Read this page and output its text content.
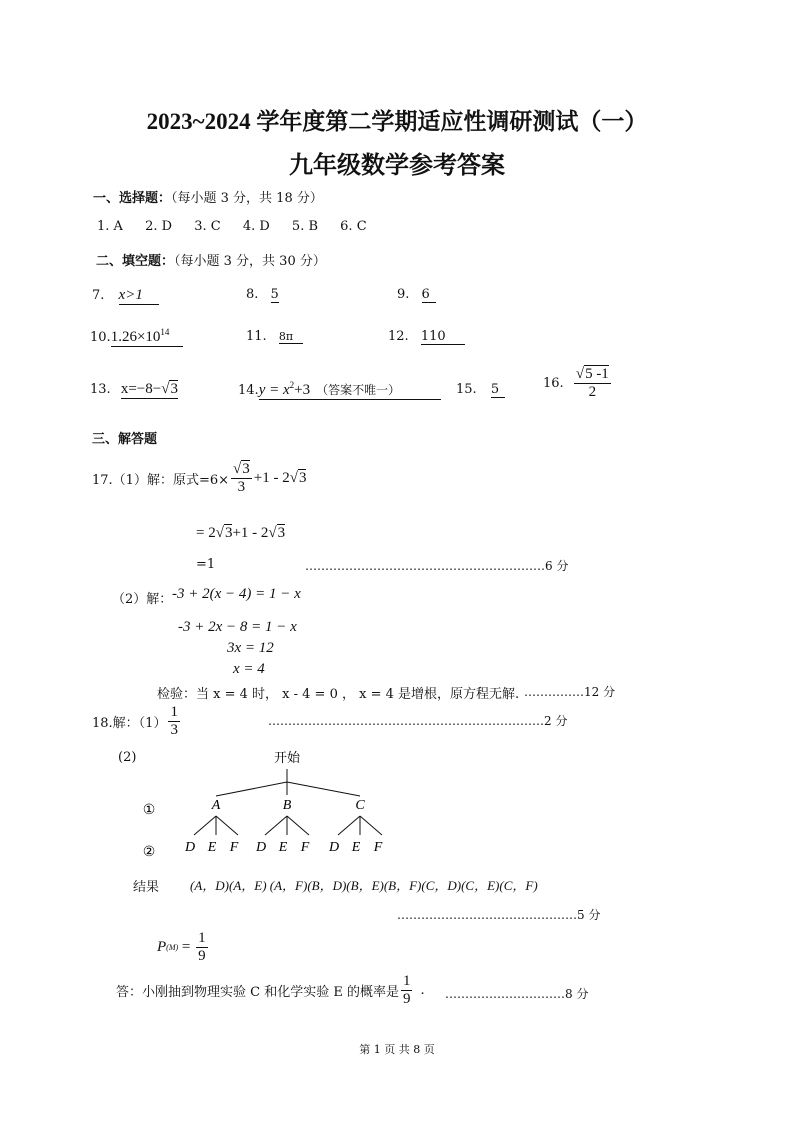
2023~2024 学年度第二学期适应性调研测试（一）
九年级数学参考答案
一、选择题：（每小题 3 分，共 18 分）
1. A 2. D 3. C 4. D 5. B 6. C
二、填空题：（每小题 3 分，共 30 分）
7. x>1	8. 5	9. 6
$10.1.26\times 10^{14}$	11. 8π	12. 110
13. x=−8−√3	$14.y = x^2+3$ （答案不唯一）	15. 5	16. $\frac{√5 -1}{2}$
三、解答题
17.（1）解：原式$=6\times \frac{√3}{3} +1 - 2√3$
= 2√3+1 - 2√3
=1	……………………………………………………6 分
（2）解： -3 + 2(x − 4) = 1 − x
-3 + 2x − 8 = 1 − x
3x = 12
x = 4
检验：当 x = 4 时， x - 4 = 0 ， x = 4 是增根，原方程无解. ……………12 分
18.解：$(1) \frac{1}{3}$	……………………………………………………………2 分
(2)	开始
①
②
A
D E F
B
D E F
C
D E F
结果 (A，D)(A，E) (A，F)(B，D)(B，E)(B，F)(C，D)(C，E)(C，F)
………………………………………5 分
$P(M) = \frac{1}{9}$
答：小刚抽到物理实验 C 和化学实验 E 的概率是 $\frac{1}{9}$ . …………………………8 分
第 1 页 共 8 页
